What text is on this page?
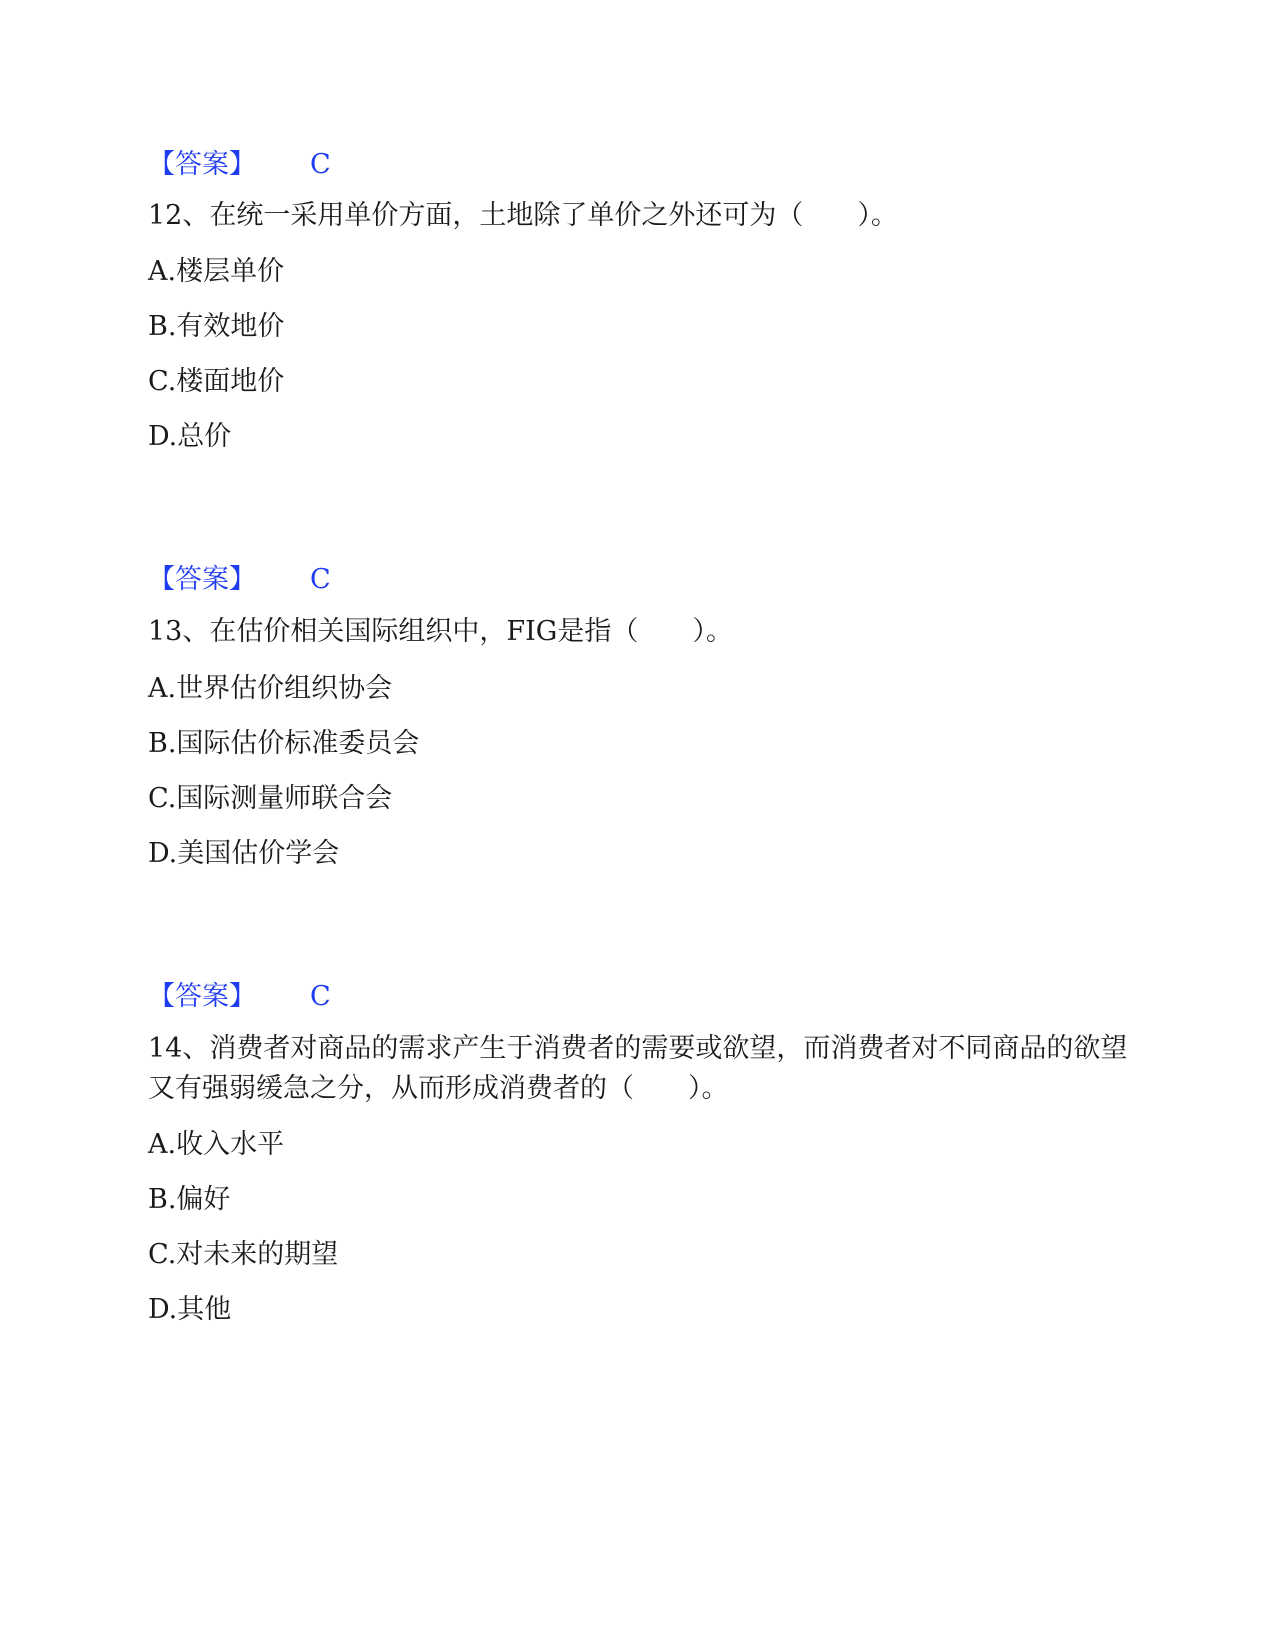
【答案】 C
12、在统一采用单价方面，土地除了单价之外还可为（　　）。
A.楼层单价
B.有效地价
C.楼面地价
D.总价
【答案】 C
13、在估价相关国际组织中，FIG是指（　　）。
A.世界估价组织协会
B.国际估价标准委员会
C.国际测量师联合会
D.美国估价学会
【答案】 C
14、消费者对商品的需求产生于消费者的需要或欲望，而消费者对不同商品的欲望又有强弱缓急之分，从而形成消费者的（　　）。
A.收入水平
B.偏好
C.对未来的期望
D.其他
